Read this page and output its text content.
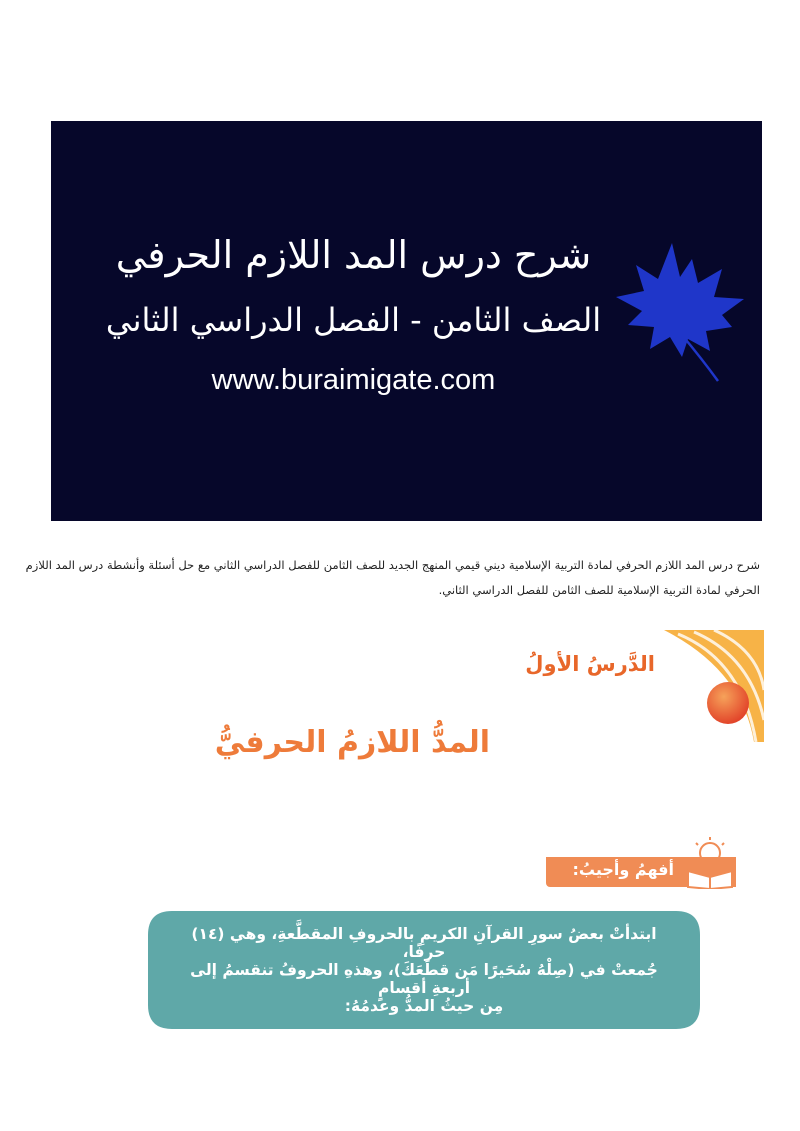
شرح درس المد اللازم الحرفي
الصف الثامن - الفصل الدراسي الثاني
www.buraimigate.com
شرح درس المد اللازم الحرفي لمادة التربية الإسلامية ديني قيمي المنهج الجديد للصف الثامن للفصل الدراسي الثاني مع حل أسئلة وأنشطة درس المد اللازم الحرفي لمادة التربية الإسلامية للصف الثامن للفصل الدراسي الثاني.
الدَّرسُ الأولُ
المدُّ اللازمُ الحرفيُّ
أفهمُ وأجيبُ:
ابتدأتْ بعضُ سورِ القرآنِ الكريمِ بالحروفِ المقطَّعةِ، وهي (١٤) حرفًا،
جُمعتْ في (صِلْهُ سُحَيرًا مَن قطَعَكَ)، وهذهِ الحروفُ تنقسمُ إلى أربعةِ أقسامٍ
مِن حيثُ المدُّ وعدمُهُ:
